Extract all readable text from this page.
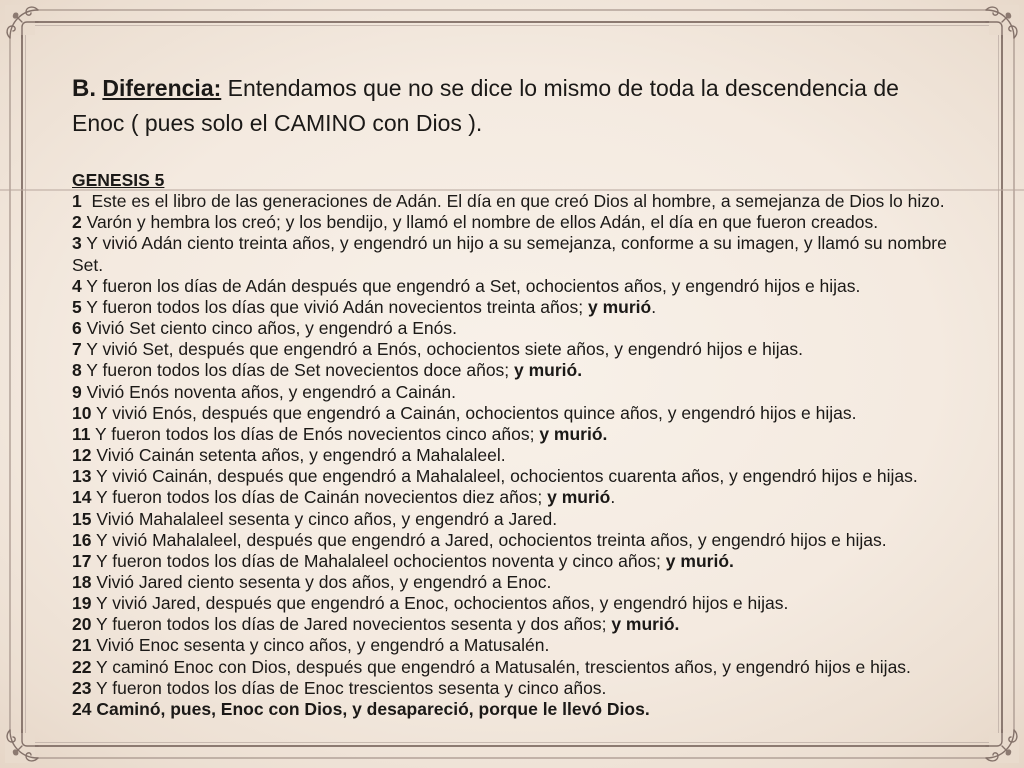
B. Diferencia: Entendamos que no se dice lo mismo de toda la descendencia de Enoc ( pues solo el CAMINO con Dios ).
GENESIS 5
1  Este es el libro de las generaciones de Adán. El día en que creó Dios al hombre, a semejanza de Dios lo hizo.
2 Varón y hembra los creó; y los bendijo, y llamó el nombre de ellos Adán, el día en que fueron creados.
3 Y vivió Adán ciento treinta años, y engendró un hijo a su semejanza, conforme a su imagen, y llamó su nombre Set.
4 Y fueron los días de Adán después que engendró a Set, ochocientos años, y engendró hijos e hijas.
5 Y fueron todos los días que vivió Adán novecientos treinta años; y murió.
6 Vivió Set ciento cinco años, y engendró a Enós.
7 Y vivió Set, después que engendró a Enós, ochocientos siete años, y engendró hijos e hijas.
8 Y fueron todos los días de Set novecientos doce años; y murió.
9 Vivió Enós noventa años, y engendró a Cainán.
10 Y vivió Enós, después que engendró a Cainán, ochocientos quince años, y engendró hijos e hijas.
11 Y fueron todos los días de Enós novecientos cinco años; y murió.
12 Vivió Cainán setenta años, y engendró a Mahalaleel.
13 Y vivió Cainán, después que engendró a Mahalaleel, ochocientos cuarenta años, y engendró hijos e hijas.
14 Y fueron todos los días de Cainán novecientos diez años; y murió.
15 Vivió Mahalaleel sesenta y cinco años, y engendró a Jared.
16 Y vivió Mahalaleel, después que engendró a Jared, ochocientos treinta años, y engendró hijos e hijas.
17 Y fueron todos los días de Mahalaleel ochocientos noventa y cinco años; y murió.
18 Vivió Jared ciento sesenta y dos años, y engendró a Enoc.
19 Y vivió Jared, después que engendró a Enoc, ochocientos años, y engendró hijos e hijas.
20 Y fueron todos los días de Jared novecientos sesenta y dos años; y murió.
21 Vivió Enoc sesenta y cinco años, y engendró a Matusalén.
22 Y caminó Enoc con Dios, después que engendró a Matusalén, trescientos años, y engendró hijos e hijas.
23 Y fueron todos los días de Enoc trescientos sesenta y cinco años.
24 Caminó, pues, Enoc con Dios, y desapareció, porque le llevó Dios.
